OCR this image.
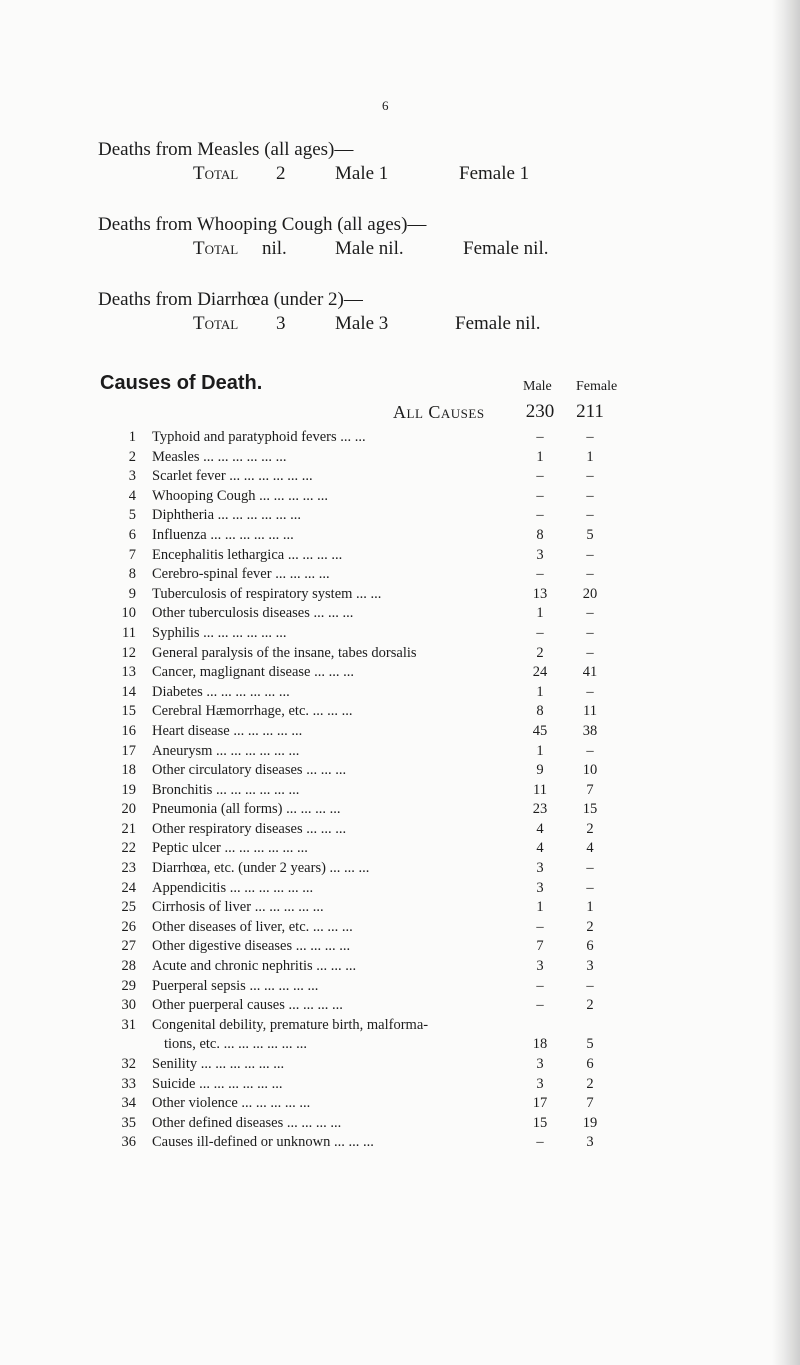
6
Deaths from Measles (all ages)—
Total 2	Male 1	Female 1
Deaths from Whooping Cough (all ages)—
Total nil.	Male nil.	Female nil.
Deaths from Diarrhœa (under 2)—
Total 3	Male 3	Female nil.
Causes of Death.	Male Female
All Causes	230	211
1 Typhoid and paratyphoid fevers ... ...	–	–
2 Measles ... ... ... ... ... ...	1	1
3 Scarlet fever ... ... ... ... ... ...	–	–
4 Whooping Cough ... ... ... ... ...	–	–
5 Diphtheria ... ... ... ... ... ...	–	–
6 Influenza ... ... ... ... ... ...	8	5
7 Encephalitis lethargica ... ... ... ...	3	–
8 Cerebro-spinal fever ... ... ... ...	–	–
9 Tuberculosis of respiratory system ... ...	13	20
10 Other tuberculosis diseases ... ... ...	1	–
11 Syphilis ... ... ... ... ... ...	–	–
12 General paralysis of the insane, tabes dorsalis	2	–
13 Cancer, maglignant disease ... ... ...	24	41
14 Diabetes ... ... ... ... ... ...	1	–
15 Cerebral Hæmorrhage, etc. ... ... ...	8	11
16 Heart disease ... ... ... ... ...	45	38
17 Aneurysm ... ... ... ... ... ...	1	–
18 Other circulatory diseases ... ... ...	9	10
19 Bronchitis ... ... ... ... ... ...	11	7
20 Pneumonia (all forms) ... ... ... ...	23	15
21 Other respiratory diseases ... ... ...	4	2
22 Peptic ulcer ... ... ... ... ... ...	4	4
23 Diarrhœa, etc. (under 2 years) ... ... ...	3	–
24 Appendicitis ... ... ... ... ... ...	3	–
25 Cirrhosis of liver ... ... ... ... ...	1	1
26 Other diseases of liver, etc. ... ... ...	–	2
27 Other digestive diseases ... ... ... ...	7	6
28 Acute and chronic nephritis ... ... ...	3	3
29 Puerperal sepsis ... ... ... ... ...	–	–
30 Other puerperal causes ... ... ... ...	–	2
31 Congenital debility, premature birth, malforma-
tions, etc. ... ... ... ... ... ...	18	5
32 Senility ... ... ... ... ... ...	3	6
33 Suicide ... ... ... ... ... ...	3	2
34 Other violence ... ... ... ... ...	17	7
35 Other defined diseases ... ... ... ...	15	19
36 Causes ill-defined or unknown ... ... ...	–	3
